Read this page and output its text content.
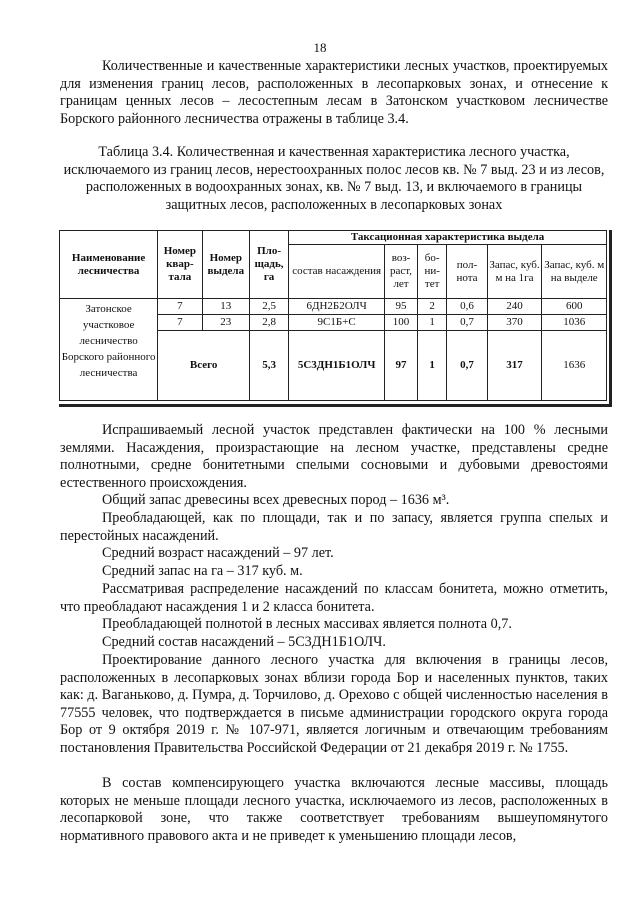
18
Количественные и качественные характеристики лесных участков, проектируемых для изменения границ лесов, расположенных в лесопарковых зонах, и отнесение к границам ценных лесов – лесостепным лесам в Затонском участковом лесничестве Борского районного лесничества отражены в таблице 3.4.
Таблица 3.4. Количественная и качественная характеристика лесного участка, исключаемого из границ лесов, нерестоохранных полос лесов кв. № 7 выд. 23 и из лесов, расположенных в водоохранных зонах, кв. № 7 выд. 13, и включаемого в границы защитных лесов, расположенных в лесопарковых зонах
Наименование лесничества	Номер квар-тала	Номер выдела	Пло-щадь, га	Таксационная характеристика выдела					
				состав насаждения	воз-раст, лет	бо-ни-тет	пол-нота	Запас, куб. м на 1га	Запас, куб. м на выделе
Затонское участковое лесничество Борского районного лесничества	7	13	2,5	6ДН2Б2ОЛЧ	95	2	0,6	240	600
	7	23	2,8	9С1Б+С	100	1	0,7	370	1036
	Всего		5,3	5С3ДН1Б1ОЛЧ	97	1	0,7	317	1636
Испрашиваемый лесной участок представлен фактически на 100 % лесными землями. Насаждения, произрастающие на лесном участке, представлены средне полнотными, средне бонитетными спелыми сосновыми и дубовыми древостоями естественного происхождения.
Общий запас древесины всех древесных пород – 1636 м³.
Преобладающей, как по площади, так и по запасу, является группа спелых и перестойных насаждений.
Средний возраст насаждений – 97 лет.
Средний запас на га – 317 куб. м.
Рассматривая распределение насаждений по классам бонитета, можно отметить, что преобладают насаждения 1 и 2 класса бонитета.
Преобладающей полнотой в лесных массивах является полнота 0,7.
Средний состав насаждений – 5С3ДН1Б1ОЛЧ.
Проектирование данного лесного участка для включения в границы лесов, расположенных в лесопарковых зонах вблизи города Бор и населенных пунктов, таких как: д. Ваганьково, д. Пумра, д. Торчилово, д. Орехово с общей численностью населения в 77555 человек, что подтверждается в письме администрации городского округа города Бор от 9 октября 2019 г. № 107-971, является логичным и отвечающим требованиям постановления Правительства Российской Федерации от 21 декабря 2019 г. № 1755.
В состав компенсирующего участка включаются лесные массивы, площадь которых не меньше площади лесного участка, исключаемого из лесов, расположенных в лесопарковой зоне, что также соответствует требованиям вышеупомянутого нормативного правового акта и не приведет к уменьшению площади лесов,
